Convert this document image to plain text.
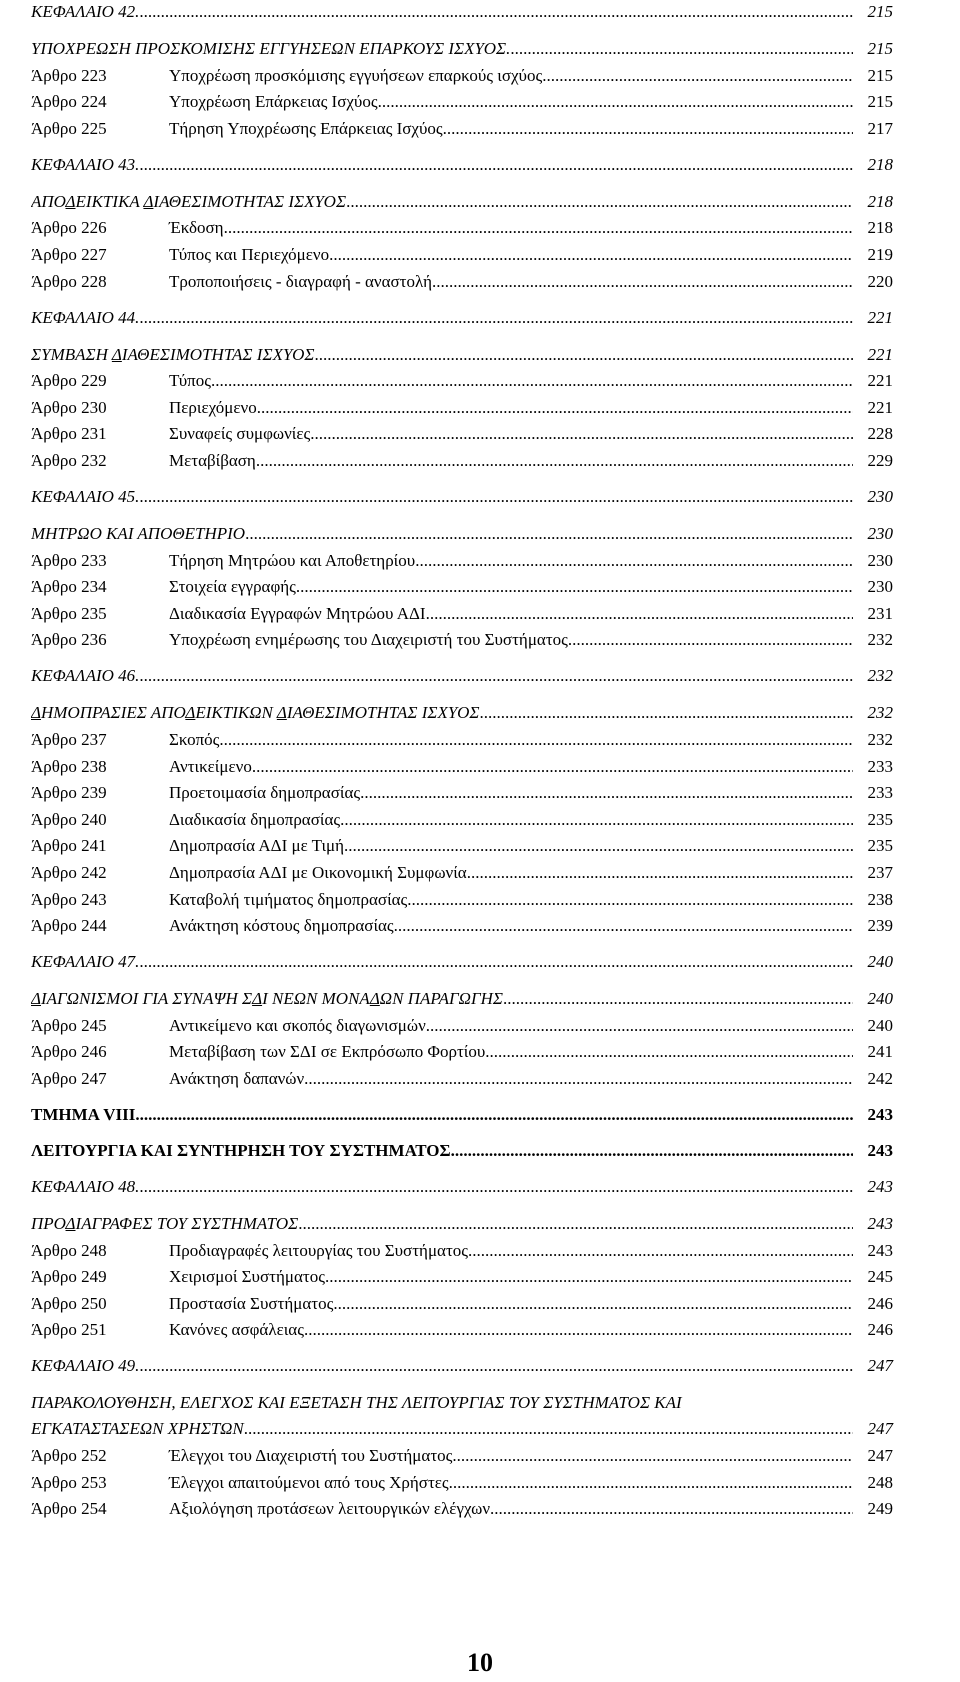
ΚΕΦΑΛΑΙΟ 42. .....	215
ΥΠΟΧΡΕΩΣΗ ΠΡΟΣΚΟΜΙΣΗΣ ΕΓΓΥΗΣΕΩΝ ΕΠΑΡΚΟΥΣ ΙΣΧΥΟΣ. .....	215
Άρθρο 223	Υποχρέωση προσκόμισης εγγυήσεων επαρκούς ισχύος. .....	215
Άρθρο 224	Υποχρέωση Επάρκειας Ισχύος. .....	215
Άρθρο 225	Τήρηση Υποχρέωσης Επάρκειας Ισχύος. .....	217
ΚΕΦΑΛΑΙΟ 43. .....	218
ΑΠΟΔΕΙΚΤΙΚΑ ΔΙΑΘΕΣΙΜΟΤΗΤΑΣ ΙΣΧΥΟΣ .....	218
Άρθρο 226	Έκδοση .....	218
Άρθρο 227	Τύπος και Περιεχόμενο .....	219
Άρθρο 228	Τροποποιήσεις - διαγραφή - αναστολή .....	220
ΚΕΦΑΛΑΙΟ 44. .....	221
ΣΥΜΒΑΣΗ ΔΙΑΘΕΣΙΜΟΤΗΤΑΣ ΙΣΧΥΟΣ .....	221
Άρθρο 229	Τύπος .....	221
Άρθρο 230	Περιεχόμενο .....	221
Άρθρο 231	Συναφείς συμφωνίες .....	228
Άρθρο 232	Μεταβίβαση .....	229
ΚΕΦΑΛΑΙΟ 45. .....	230
ΜΗΤΡΩΟ ΚΑΙ ΑΠΟΘΕΤΗΡΙΟ .....	230
Άρθρο 233	Τήρηση Μητρώου και Αποθετηρίου .....	230
Άρθρο 234	Στοιχεία εγγραφής .....	230
Άρθρο 235	Διαδικασία Εγγραφών Μητρώου ΑΔΙ .....	231
Άρθρο 236	Υποχρέωση ενημέρωσης του Διαχειριστή του Συστήματος .....	232
ΚΕΦΑΛΑΙΟ 46. .....	232
ΔΗΜΟΠΡΑΣΙΕΣ ΑΠΟΔΕΙΚΤΙΚΩΝ ΔΙΑΘΕΣΙΜΟΤΗΤΑΣ ΙΣΧΥΟΣ .....	232
Άρθρο 237	Σκοπός .....	232
Άρθρο 238	Αντικείμενο .....	233
Άρθρο 239	Προετοιμασία δημοπρασίας .....	233
Άρθρο 240	Διαδικασία δημοπρασίας .....	235
Άρθρο 241	Δημοπρασία ΑΔΙ με Τιμή .....	235
Άρθρο 242	Δημοπρασία ΑΔΙ με Οικονομική Συμφωνία .....	237
Άρθρο 243	Καταβολή τιμήματος δημοπρασίας .....	238
Άρθρο 244	Ανάκτηση κόστους δημοπρασίας .....	239
ΚΕΦΑΛΑΙΟ 47. .....	240
ΔΙΑΓΩΝΙΣΜΟΙ ΓΙΑ ΣΥΝΑΨΗ ΣΔΙ ΝΕΩΝ ΜΟΝΑΔΩΝ ΠΑΡΑΓΩΓΗΣ .....	240
Άρθρο 245	Αντικείμενο και σκοπός διαγωνισμών .....	240
Άρθρο 246	Μεταβίβαση των ΣΔΙ σε Εκπρόσωπο Φορτίου .....	241
Άρθρο 247	Ανάκτηση δαπανών .....	242
ΤΜΗΜΑ VIII .....	243
ΛΕΙΤΟΥΡΓΙΑ ΚΑΙ ΣΥΝΤΗΡΗΣΗ ΤΟΥ ΣΥΣΤΗΜΑΤΟΣ .....	243
ΚΕΦΑΛΑΙΟ 48. .....	243
ΠΡΟΔΙΑΓΡΑΦΕΣ ΤΟΥ ΣΥΣΤΗΜΑΤΟΣ .....	243
Άρθρο 248	Προδιαγραφές λειτουργίας του Συστήματος .....	243
Άρθρο 249	Χειρισμοί Συστήματος .....	245
Άρθρο 250	Προστασία Συστήματος .....	246
Άρθρο 251	Κανόνες ασφάλειας .....	246
ΚΕΦΑΛΑΙΟ 49. .....	247
ΠΑΡΑΚΟΛΟΥΘΗΣΗ, ΕΛΕΓΧΟΣ ΚΑΙ ΕΞΕΤΑΣΗ ΤΗΣ ΛΕΙΤΟΥΡΓΙΑΣ ΤΟΥ ΣΥΣΤΗΜΑΤΟΣ ΚΑΙ
ΕΓΚΑΤΑΣΤΑΣΕΩΝ ΧΡΗΣΤΩΝ .....	247
Άρθρο 252	Έλεγχοι του Διαχειριστή του Συστήματος .....	247
Άρθρο 253	Έλεγχοι απαιτούμενοι από τους Χρήστες .....	248
Άρθρο 254	Αξιολόγηση προτάσεων λειτουργικών ελέγχων .....	249
10
